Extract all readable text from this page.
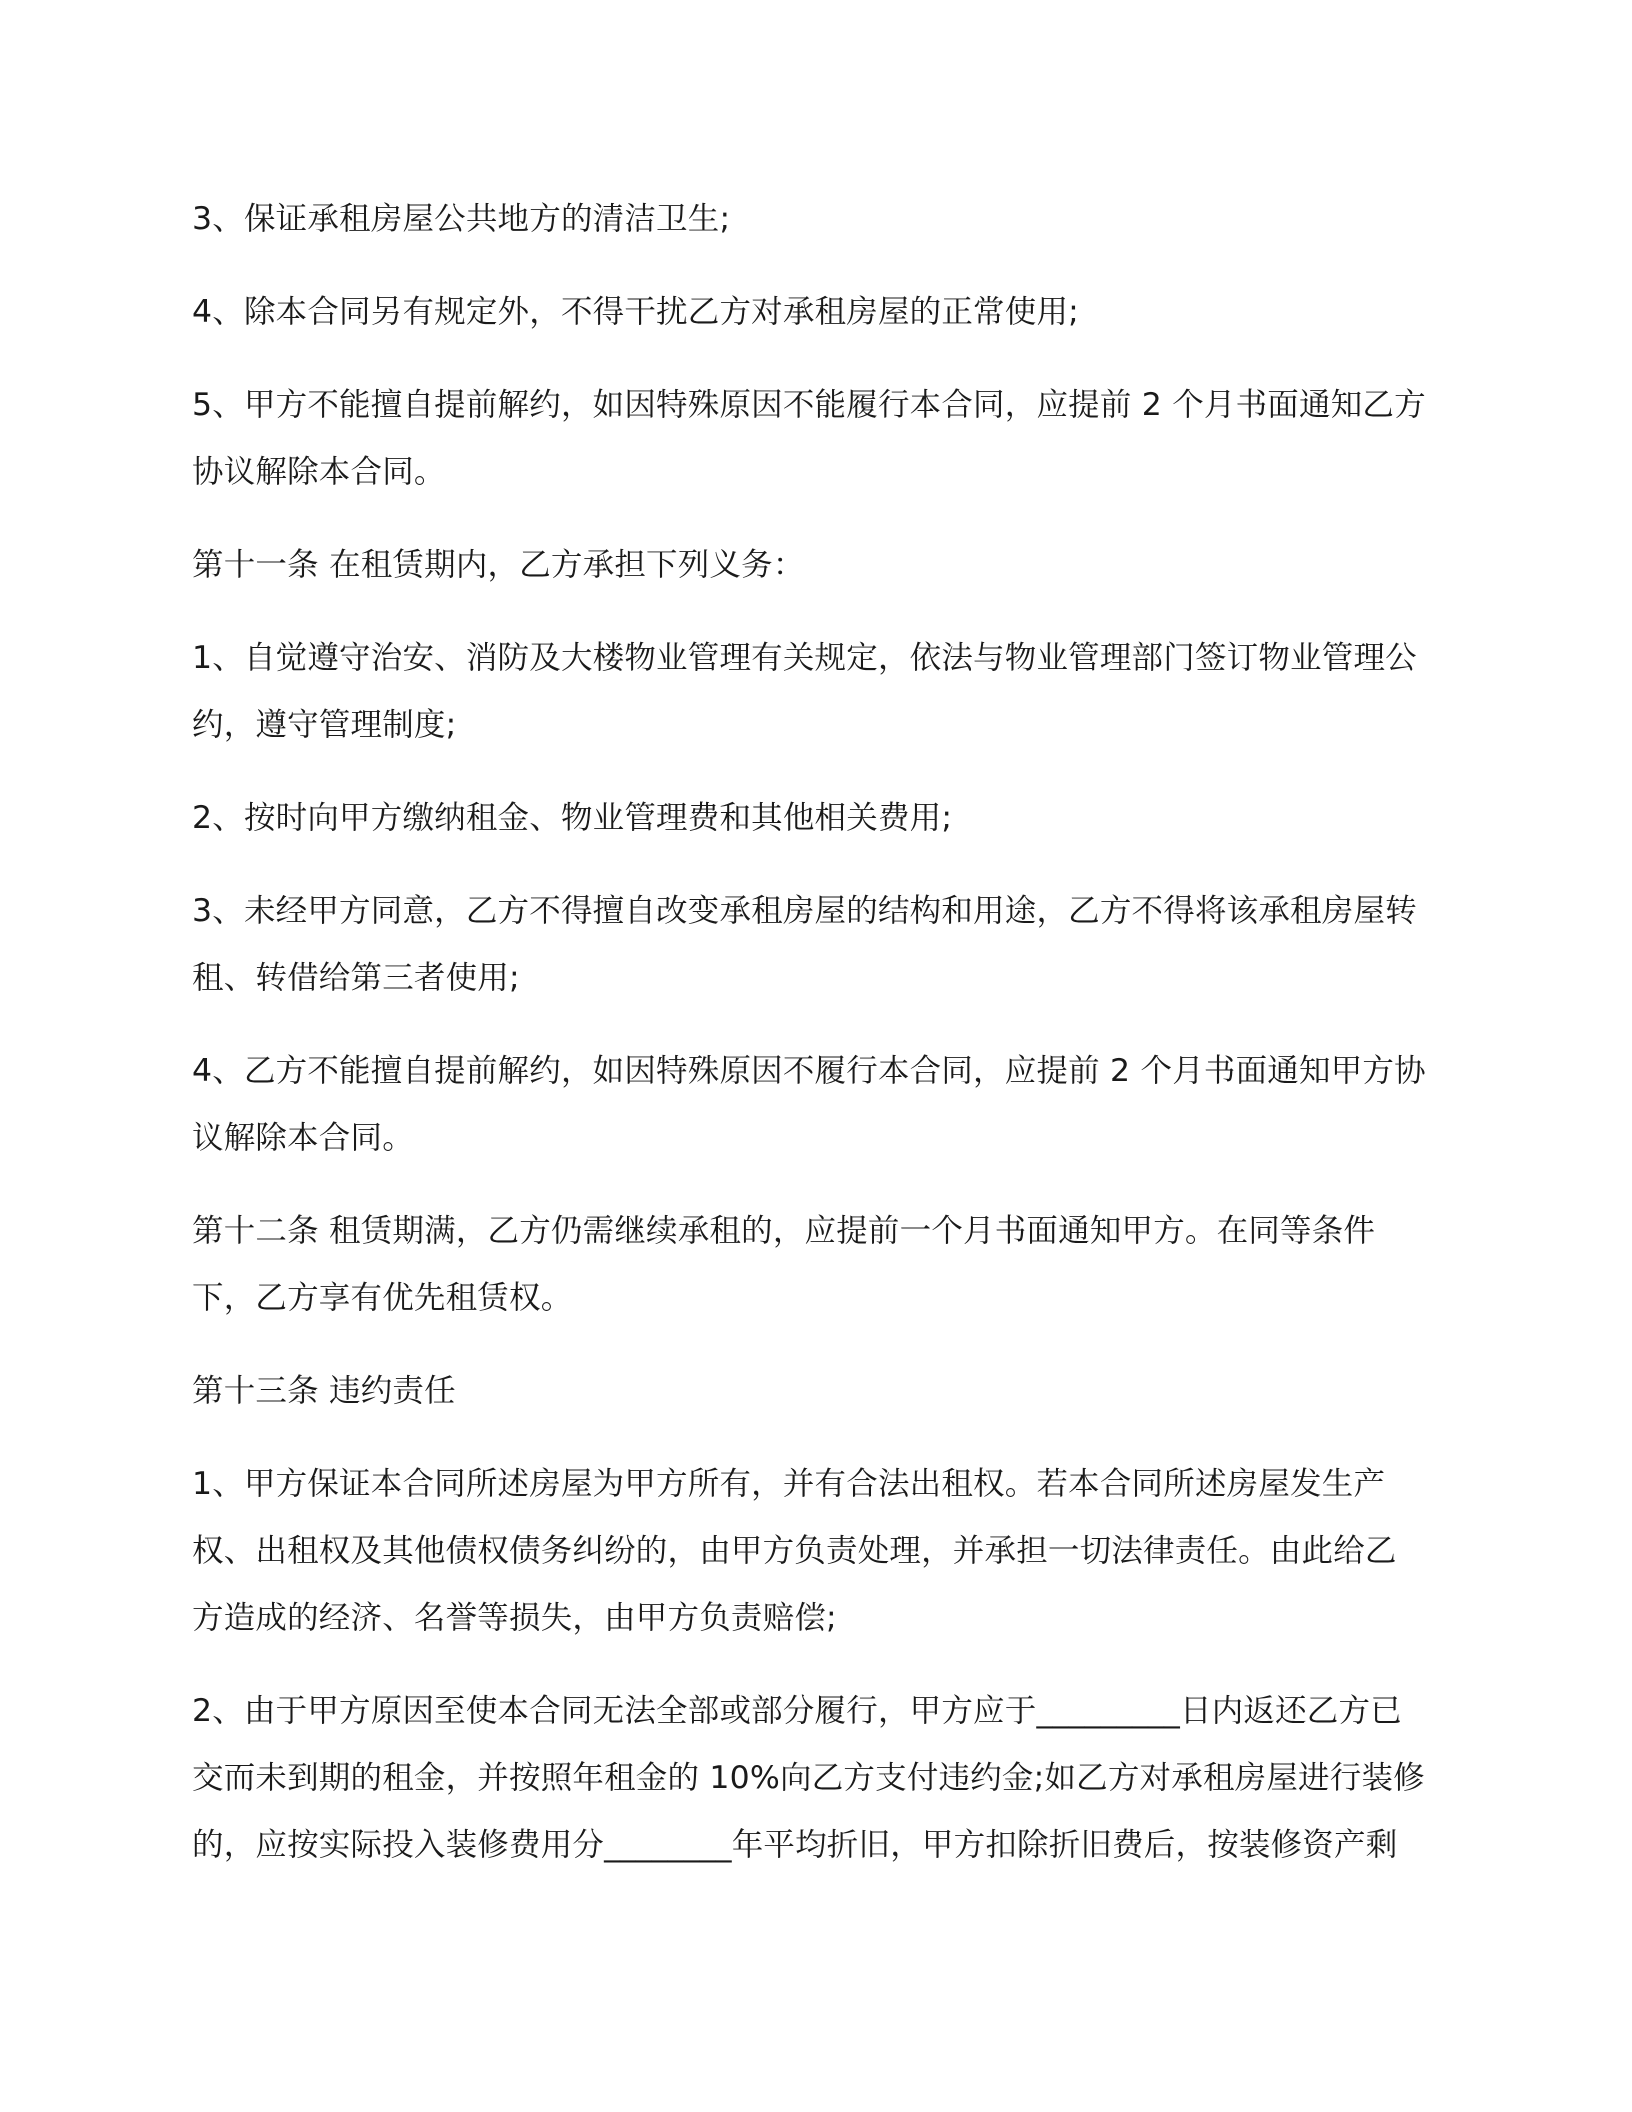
3、保证承租房屋公共地方的清洁卫生;

4、除本合同另有规定外，不得干扰乙方对承租房屋的正常使用;

5、甲方不能擅自提前解约，如因特殊原因不能履行本合同，应提前 2 个月书面通知乙方
协议解除本合同。

第十一条 在租赁期内，乙方承担下列义务：

1、自觉遵守治安、消防及大楼物业管理有关规定，依法与物业管理部门签订物业管理公
约，遵守管理制度;

2、按时向甲方缴纳租金、物业管理费和其他相关费用;

3、未经甲方同意，乙方不得擅自改变承租房屋的结构和用途，乙方不得将该承租房屋转
租、转借给第三者使用;

4、乙方不能擅自提前解约，如因特殊原因不履行本合同，应提前 2 个月书面通知甲方协
议解除本合同。

第十二条 租赁期满，乙方仍需继续承租的，应提前一个月书面通知甲方。在同等条件
下，乙方享有优先租赁权。

第十三条 违约责任

1、甲方保证本合同所述房屋为甲方所有，并有合法出租权。若本合同所述房屋发生产
权、出租权及其他债权债务纠纷的，由甲方负责处理，并承担一切法律责任。由此给乙
方造成的经济、名誉等损失，由甲方负责赔偿;

2、由于甲方原因至使本合同无法全部或部分履行，甲方应于_________日内返还乙方已
交而未到期的租金，并按照年租金的 10%向乙方支付违约金;如乙方对承租房屋进行装修
的，应按实际投入装修费用分________年平均折旧，甲方扣除折旧费后，按装修资产剩
